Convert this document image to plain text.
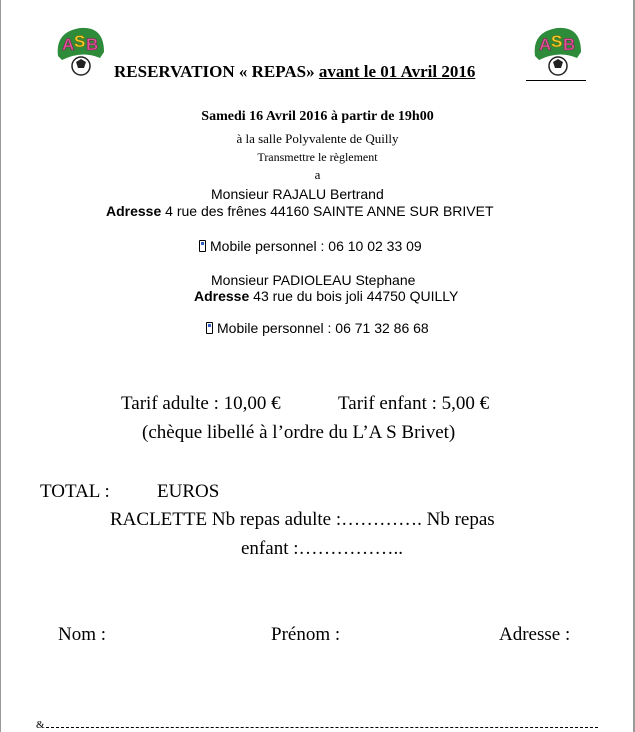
A S B	A S B
RESERVATION « REPAS» avant le 01 Avril 2016
Samedi 16 Avril 2016 à partir de 19h00
à la salle Polyvalente de Quilly
Transmettre le règlement
a
Monsieur RAJALU Bertrand
Adresse 4 rue des frênes 44160 SAINTE ANNE SUR BRIVET
Mobile personnel : 06 10 02 33 09
Monsieur PADIOLEAU Stephane
Adresse 43 rue du bois joli 44750 QUILLY
Mobile personnel : 06 71 32 86 68
Tarif adulte : 10,00 €	Tarif enfant : 5,00 €
(chèque libellé à l’ordre du L’A S Brivet)
TOTAL : EUROS
RACLETTE Nb repas adulte :…………. Nb repas
enfant :……………..
Nom :	Prénom :	Adresse :
&
